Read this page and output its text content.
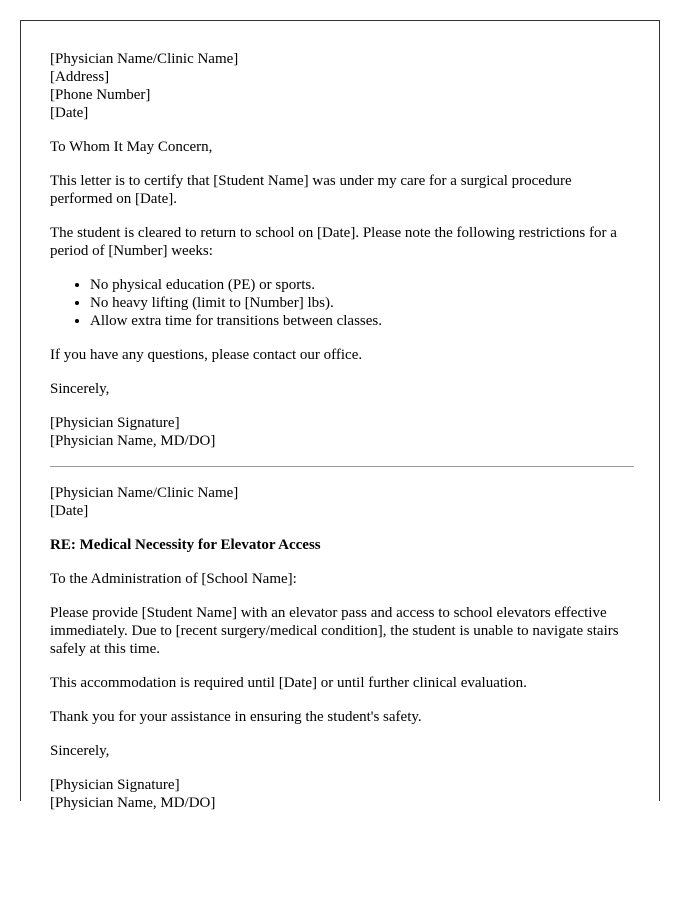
[Physician Name/Clinic Name]
[Address]
[Phone Number]
[Date]

To Whom It May Concern,

This letter is to certify that [Student Name] was under my care for a surgical procedure performed on [Date].

The student is cleared to return to school on [Date]. Please note the following restrictions for a period of [Number] weeks:

• No physical education (PE) or sports.
• No heavy lifting (limit to [Number] lbs).
• Allow extra time for transitions between classes.

If you have any questions, please contact our office.

Sincerely,

[Physician Signature]
[Physician Name, MD/DO]
[Physician Name/Clinic Name]
[Date]

RE: Medical Necessity for Elevator Access

To the Administration of [School Name]:

Please provide [Student Name] with an elevator pass and access to school elevators effective immediately. Due to [recent surgery/medical condition], the student is unable to navigate stairs safely at this time.

This accommodation is required until [Date] or until further clinical evaluation.

Thank you for your assistance in ensuring the student's safety.

Sincerely,

[Physician Signature]
[Physician Name, MD/DO]
